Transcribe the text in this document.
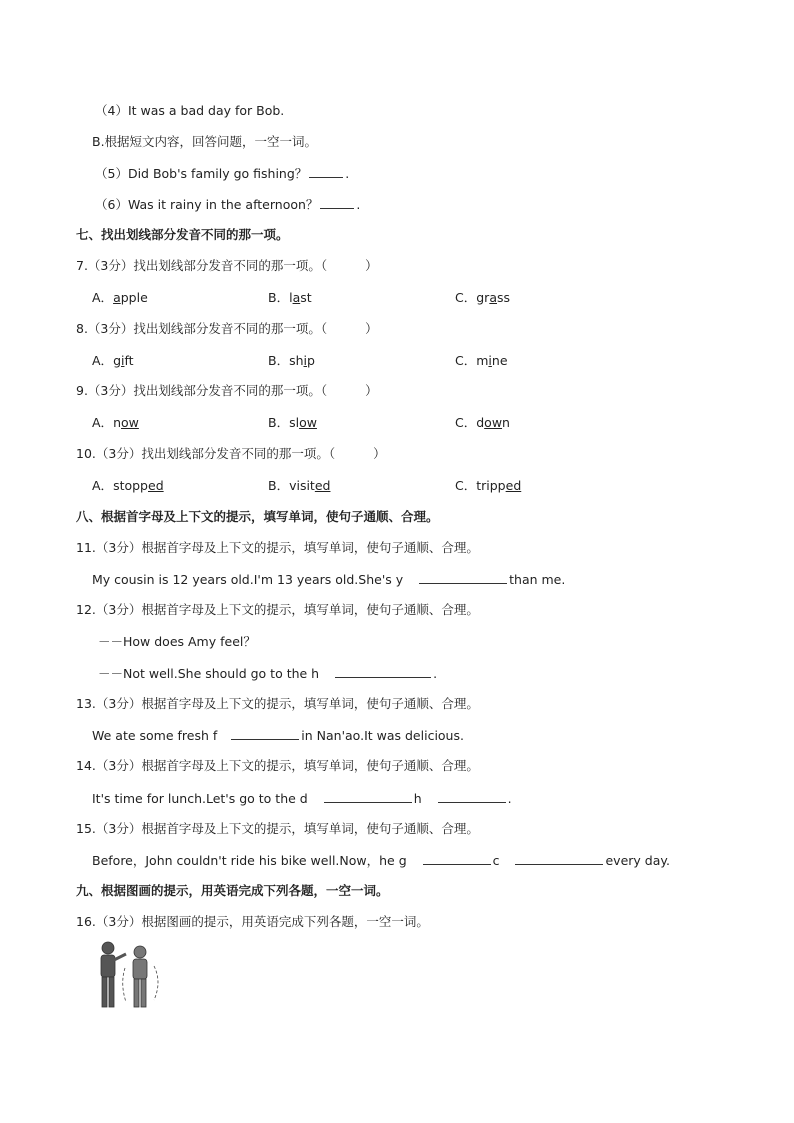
（4）It was a bad day for Bob.
B.根据短文内容，回答问题，一空一词。
（5）Did Bob's family go fishing？	.
（6）Was it rainy in the afternoon？	.
七、找出划线部分发音不同的那一项。
7.（3分）找出划线部分发音不同的那一项。（	）
A．apple	B．last	C．grass
8.（3分）找出划线部分发音不同的那一项。（	）
A．gift	B．ship	C．mine
9.（3分）找出划线部分发音不同的那一项。（	）
A．now	B．slow	C．down
10.（3分）找出划线部分发音不同的那一项。（	）
A．stopped	B．visited	C．tripped
八、根据首字母及上下文的提示，填写单词，使句子通顺、合理。
11.（3分）根据首字母及上下文的提示，填写单词，使句子通顺、合理。
My cousin is 12 years old.I'm 13 years old.She's y	than me.
12.（3分）根据首字母及上下文的提示，填写单词，使句子通顺、合理。
－－How does Amy feel？
－－Not well.She should go to the h	.
13.（3分）根据首字母及上下文的提示，填写单词，使句子通顺、合理。
We ate some fresh f	in Nan'ao.It was delicious.
14.（3分）根据首字母及上下文的提示，填写单词，使句子通顺、合理。
It's time for lunch.Let's go to the d	h	.
15.（3分）根据首字母及上下文的提示，填写单词，使句子通顺、合理。
Before，John couldn't ride his bike well.Now，he g	c	every day.
九、根据图画的提示，用英语完成下列各题，一空一词。
16.（3分）根据图画的提示，用英语完成下列各题，一空一词。
